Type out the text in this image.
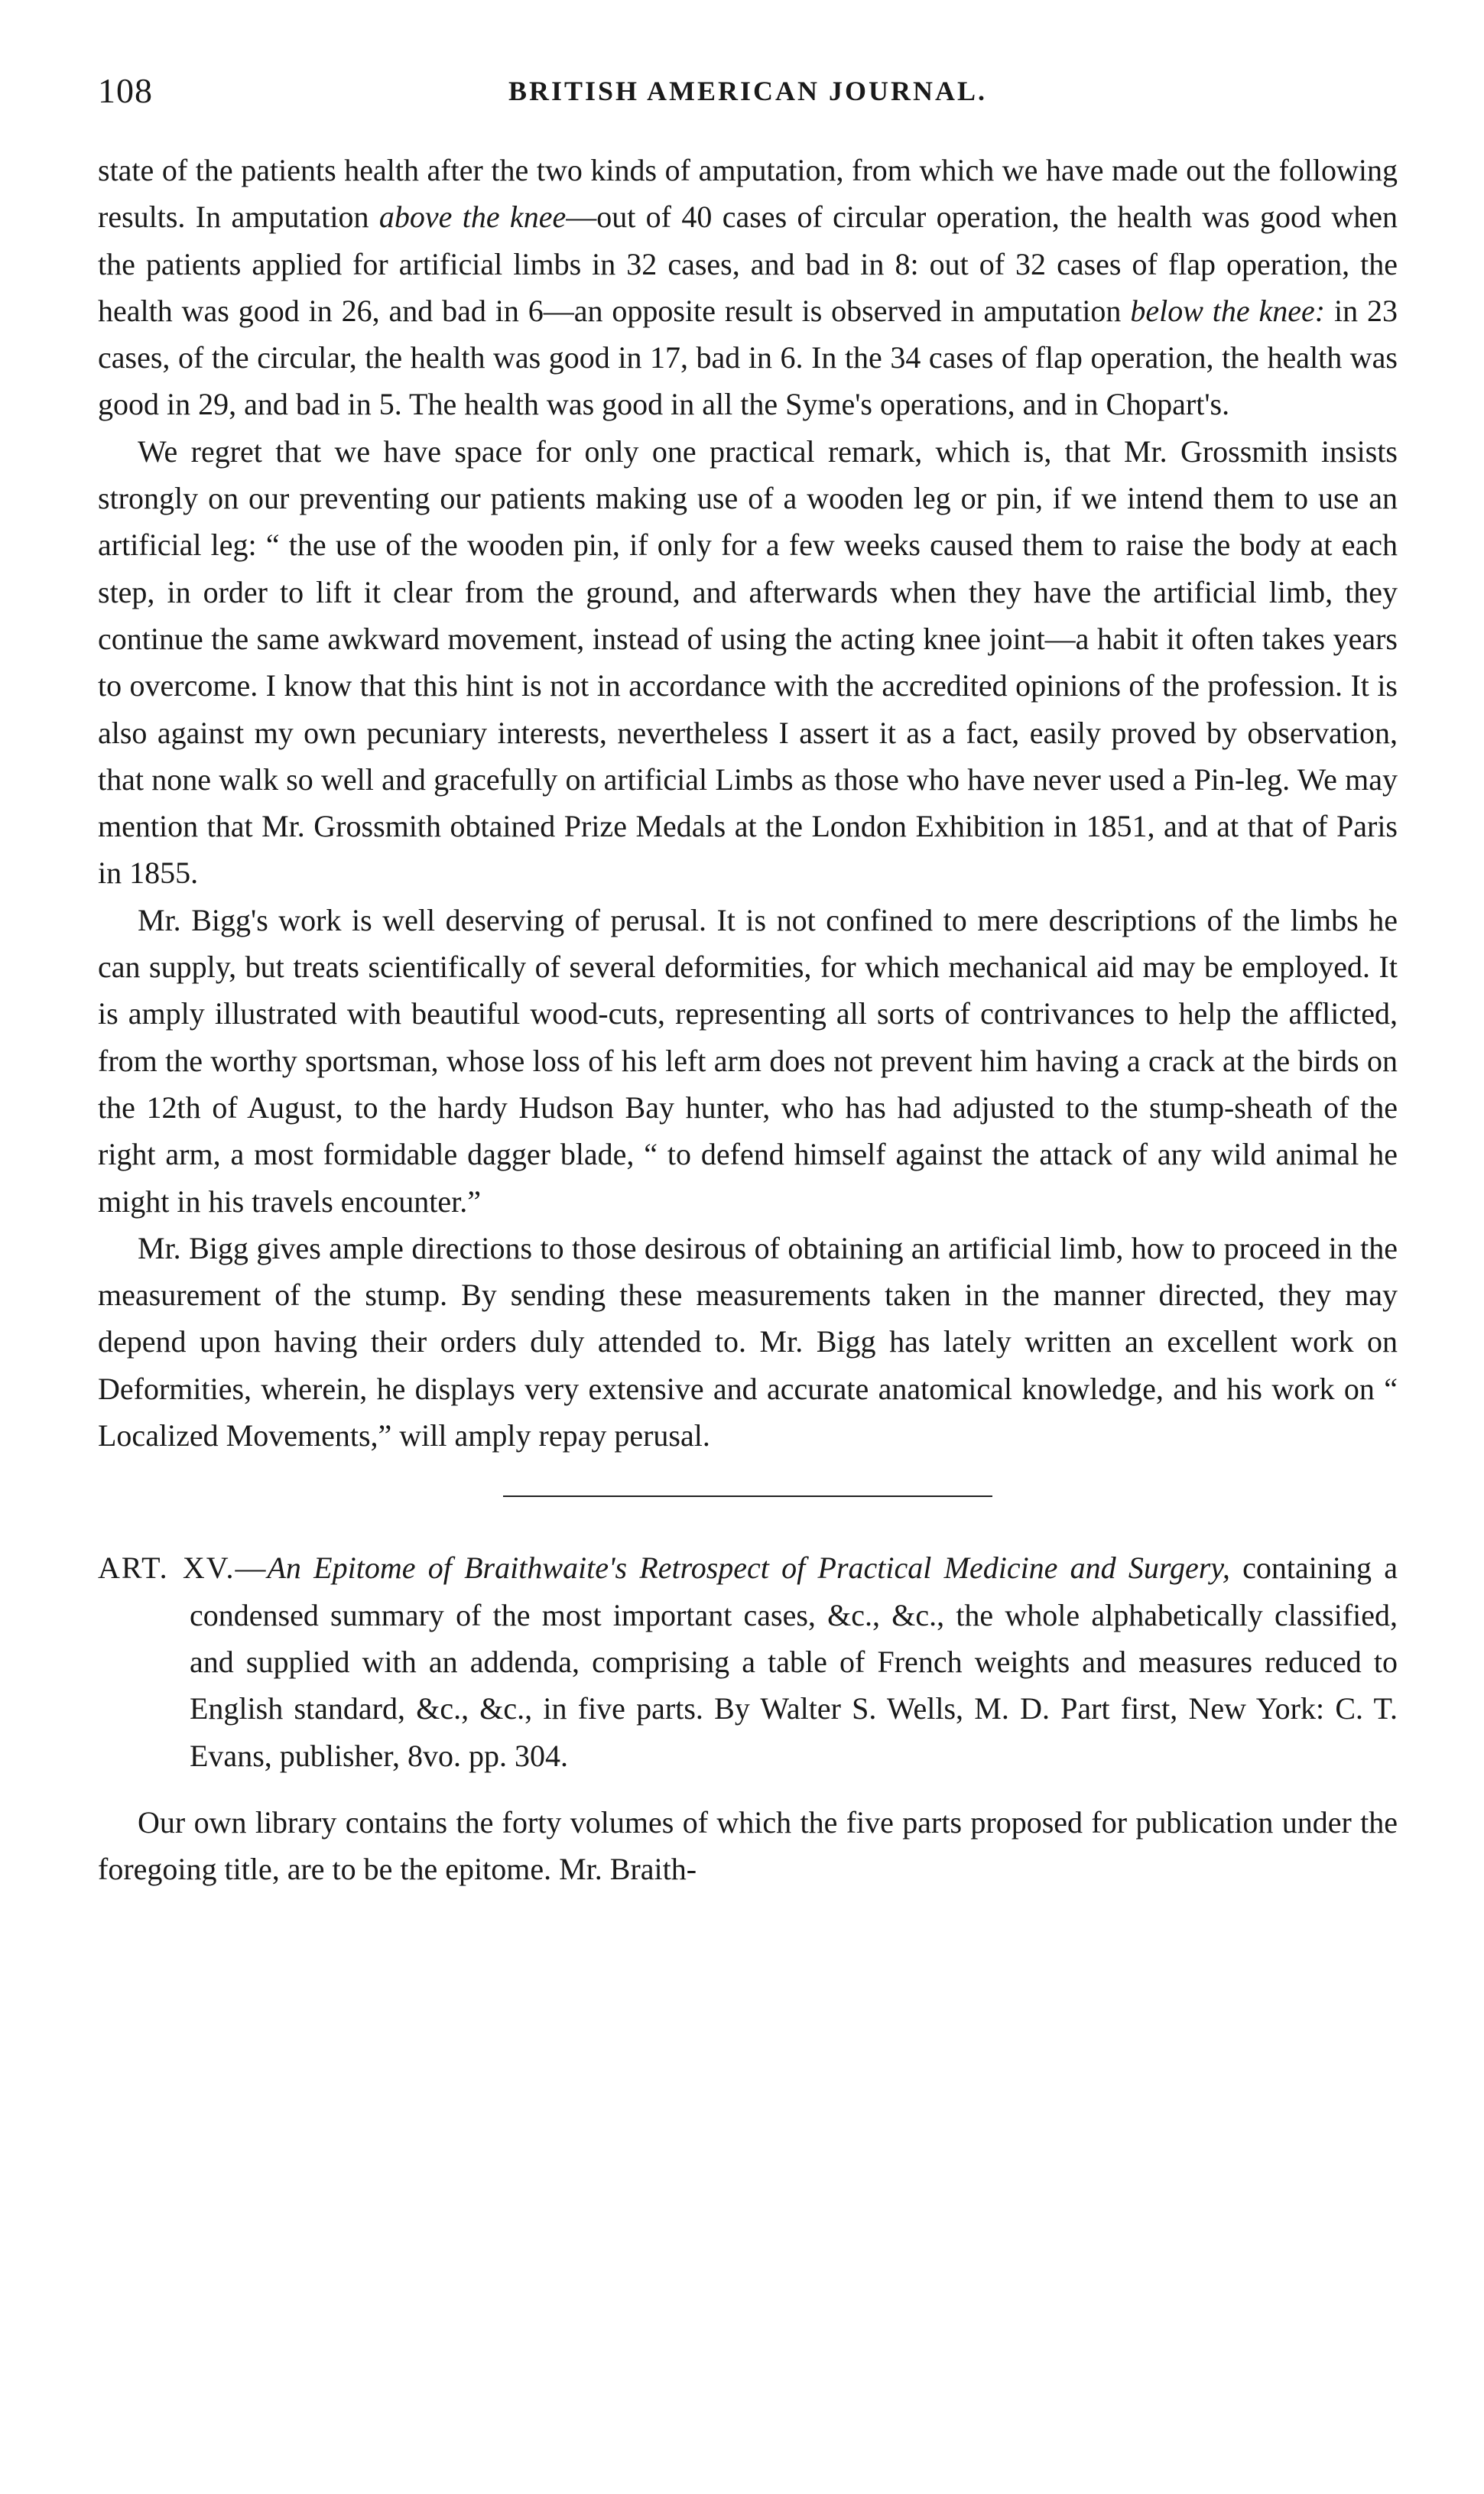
108	BRITISH AMERICAN JOURNAL.

state of the patients health after the two kinds of amputation, from which we have made out the following results. In amputation above the knee—out of 40 cases of circular operation, the health was good when the patients applied for artificial limbs in 32 cases, and bad in 8: out of 32 cases of flap operation, the health was good in 26, and bad in 6—an opposite result is observed in amputation below the knee: in 23 cases, of the circular, the health was good in 17, bad in 6. In the 34 cases of flap operation, the health was good in 29, and bad in 5. The health was good in all the Syme's operations, and in Chopart's.

We regret that we have space for only one practical remark, which is, that Mr. Grossmith insists strongly on our preventing our patients making use of a wooden leg or pin, if we intend them to use an artificial leg: “ the use of the wooden pin, if only for a few weeks caused them to raise the body at each step, in order to lift it clear from the ground, and afterwards when they have the artificial limb, they continue the same awkward movement, instead of using the acting knee joint—a habit it often takes years to overcome. I know that this hint is not in accordance with the accredited opinions of the profession. It is also against my own pecuniary interests, nevertheless I assert it as a fact, easily proved by observation, that none walk so well and gracefully on artificial Limbs as those who have never used a Pin-leg. We may mention that Mr. Grossmith obtained Prize Medals at the London Exhibition in 1851, and at that of Paris in 1855.

Mr. Bigg's work is well deserving of perusal. It is not confined to mere descriptions of the limbs he can supply, but treats scientifically of several deformities, for which mechanical aid may be employed. It is amply illustrated with beautiful wood-cuts, representing all sorts of contrivances to help the afflicted, from the worthy sportsman, whose loss of his left arm does not prevent him having a crack at the birds on the 12th of August, to the hardy Hudson Bay hunter, who has had adjusted to the stump-sheath of the right arm, a most formidable dagger blade, “ to defend himself against the attack of any wild animal he might in his travels encounter.”

Mr. Bigg gives ample directions to those desirous of obtaining an artificial limb, how to proceed in the measurement of the stump. By sending these measurements taken in the manner directed, they may depend upon having their orders duly attended to. Mr. Bigg has lately written an excellent work on Deformities, wherein, he displays very extensive and accurate anatomical knowledge, and his work on “ Localized Movements,” will amply repay perusal.

ART. XV.—An Epitome of Braithwaite's Retrospect of Practical Medicine and Surgery, containing a condensed summary of the most important cases, &c., &c., the whole alphabetically classified, and supplied with an addenda, comprising a table of French weights and measures reduced to English standard, &c., &c., in five parts. By Walter S. Wells, M. D. Part first, New York: C. T. Evans, publisher, 8vo. pp. 304.

Our own library contains the forty volumes of which the five parts proposed for publication under the foregoing title, are to be the epitome. Mr. Braith-
